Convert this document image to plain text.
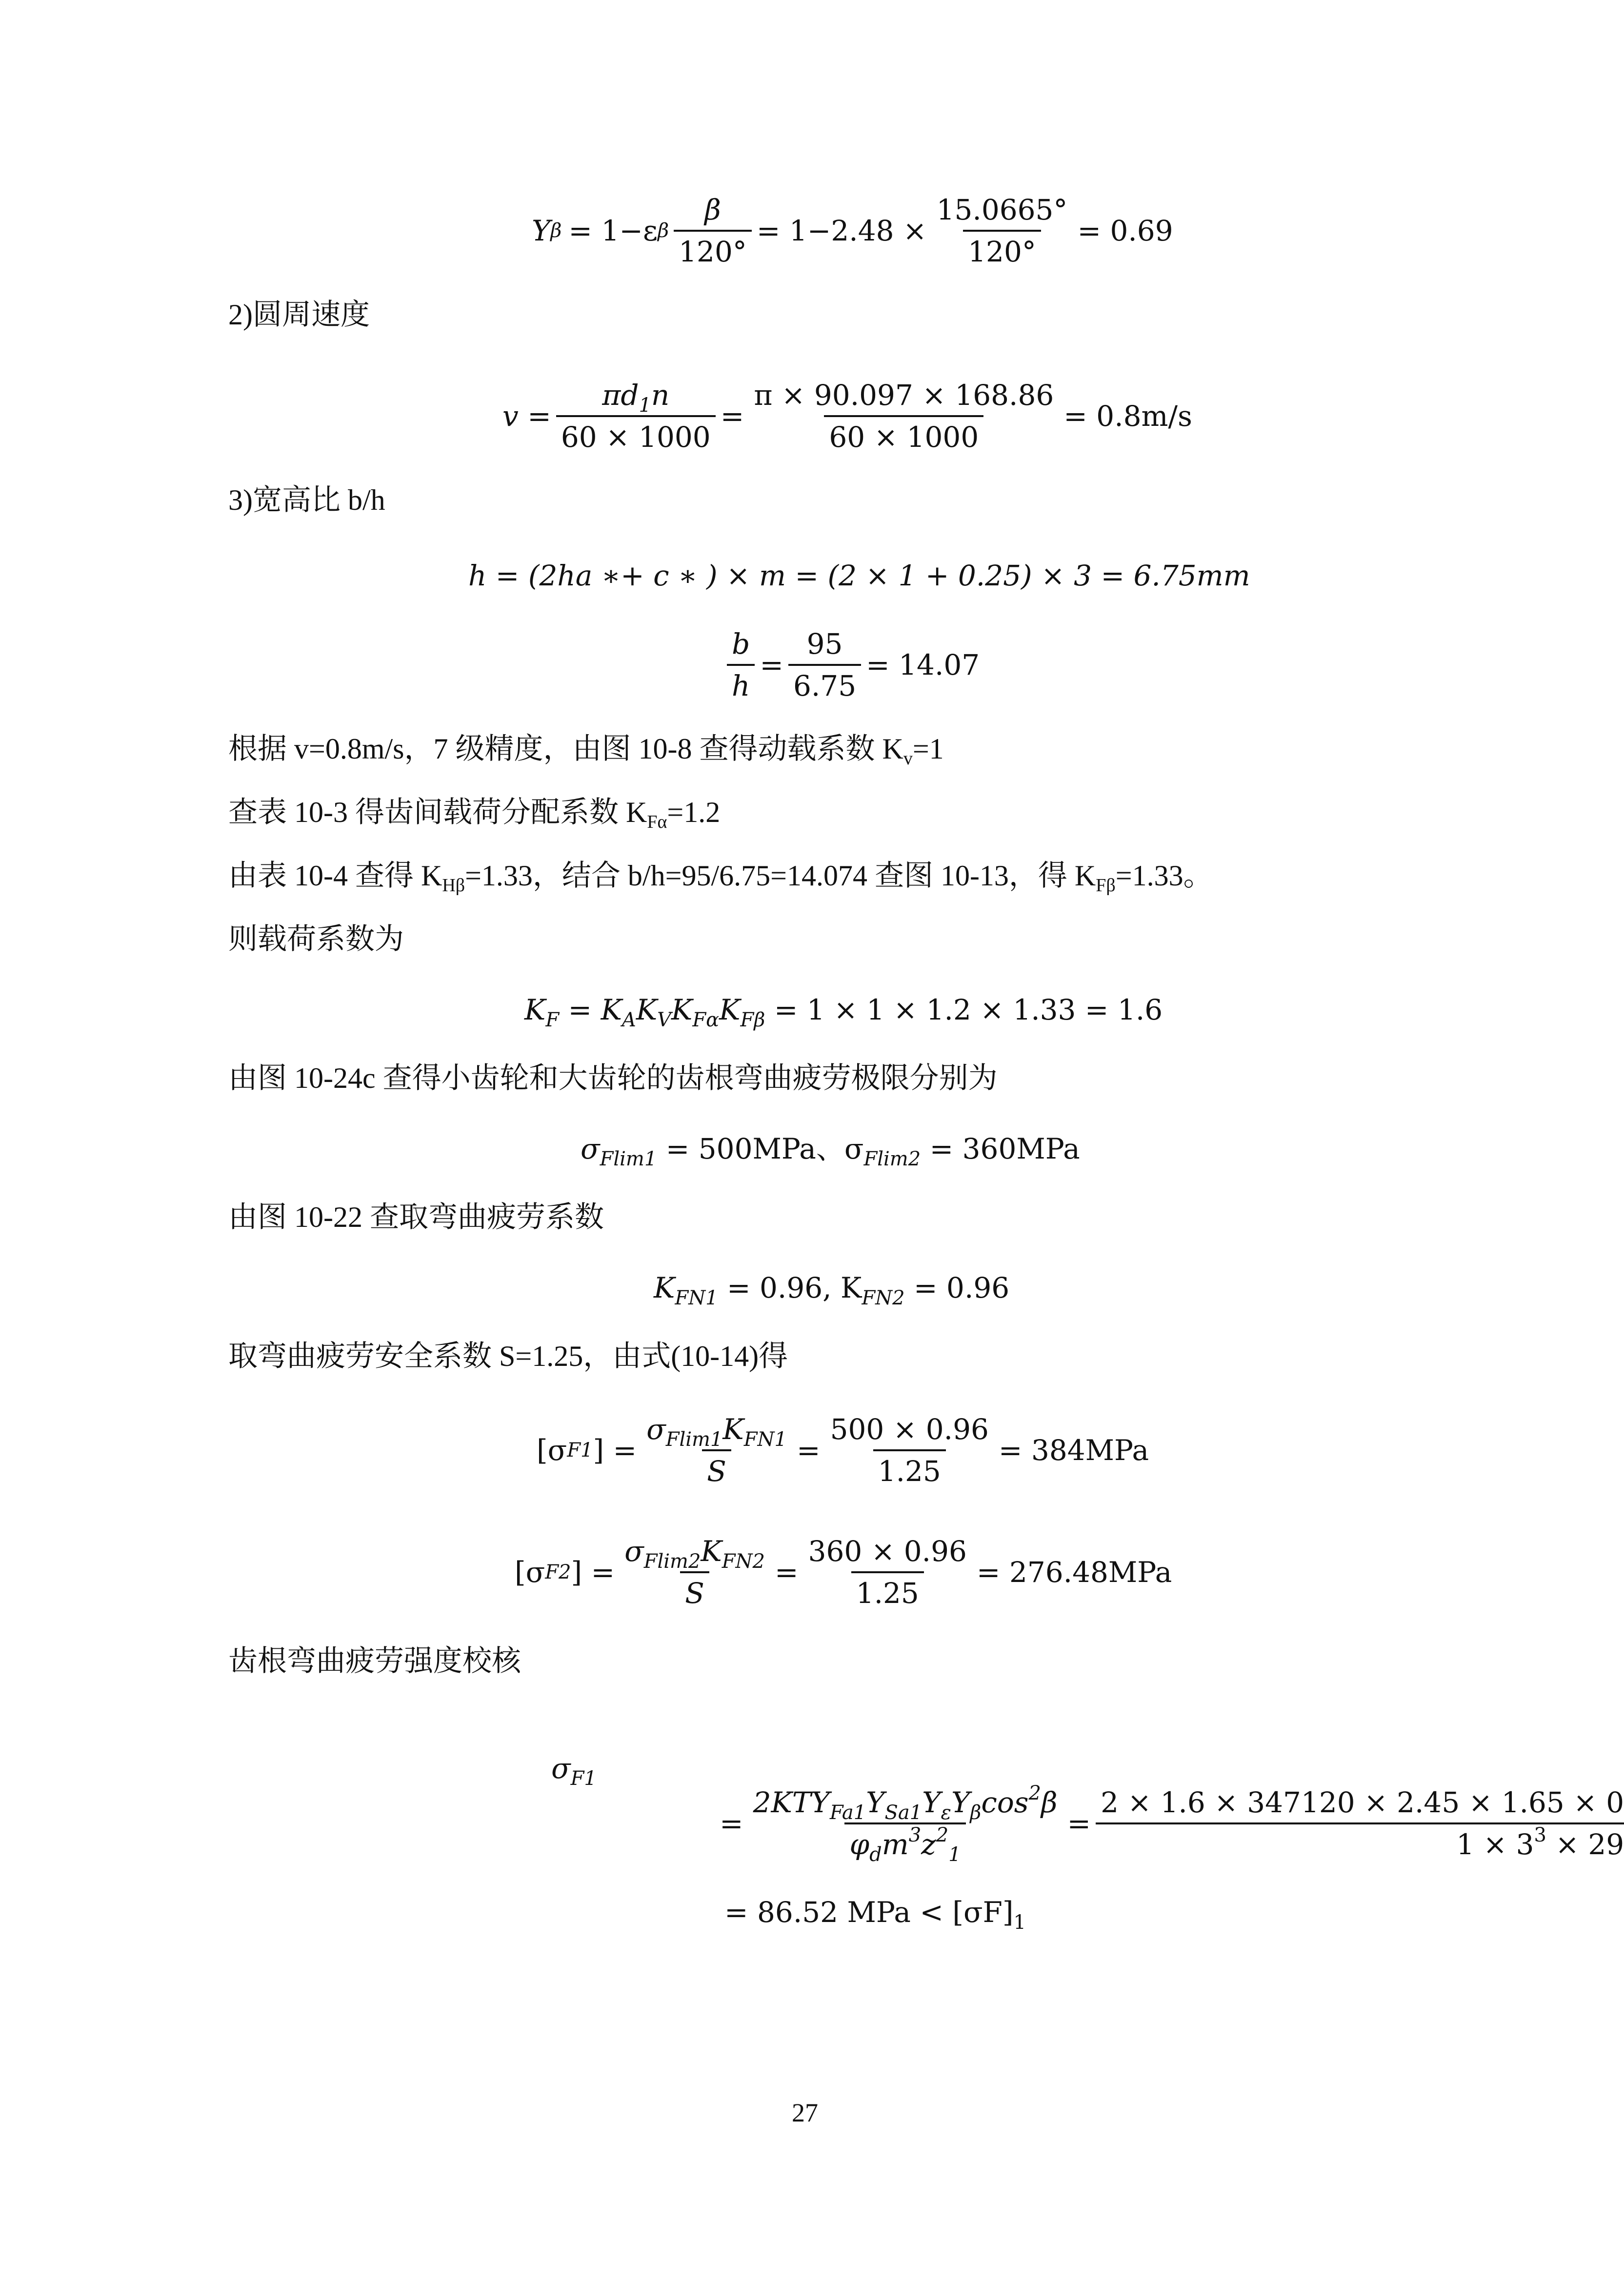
Y β = 1−ε β $\frac{\beta}{120^\circ} = 1-2.48 \times \frac{15.0665^\circ}{120^\circ} = 0.69$
2)圆周速度
$v = \frac{\pi d_1n}{60 \times 1000} = \frac{\pi \times 90.097 \times 168.86}{60 \times 1000} = 0.8m/s$
3)宽高比 b/h
h = (2ha ∗+ c ∗ ) × m = (2 × 1 + 0.25) × 3 = 6.75mm
$\frac{b}{h} = \frac{95}{6.75} = 14.07$
根据 v=0.8m/s，7 级精度，由图 10-8 查得动载系数 $K_v=1$
查表 10-3 得齿间载荷分配系数 $K_{F\alpha}=1.2$
由表 10-4 查得 $K_{H\beta}=1.33$，结合 b/h=95/6.75=14.074 查图 10-13，得 $K_{F\beta}=1.33$。
则载荷系数为
$K_F = K_AK_VK_{F\alpha}K_{F\beta} = 1 \times 1 \times 1.2 \times 1.33 = 1.6$
由图 10-24c 查得小齿轮和大齿轮的齿根弯曲疲劳极限分别为
$\sigma_{Flim1} = 500MPa$、$\sigma_{Flim2} = 360MPa$
由图 10-22 查取弯曲疲劳系数
$K_{FN1} = 0.96$, $K_{FN2} = 0.96$
取弯曲疲劳安全系数 S=1.25，由式(10-14)得
[σ F1 ] = $\frac{\sigma_{Flim1}K_{FN1}}{S} = \frac{500 \times 0.96}{1.25} = 384MPa$
[σ F2 ] = $\frac{\sigma_{Flim2}K_{FN2}}{S} = \frac{360 \times 0.96}{1.25} = 276.48MPa$
齿根弯曲疲劳强度校核
$\sigma_{F1}$
= $\frac{2KTY_{Fa1}Y_{Sa1}Y_\varepsilon Y_\beta\cos^2\beta}{\varphi_dm^3z^2_1} = \frac{2 \times 1.6 \times 347120 \times 2.45 \times 1.65 \times 0}{1 \times 3^3 \times 29}$
= 86.52 MPa < $[\sigma F]_1$
27
